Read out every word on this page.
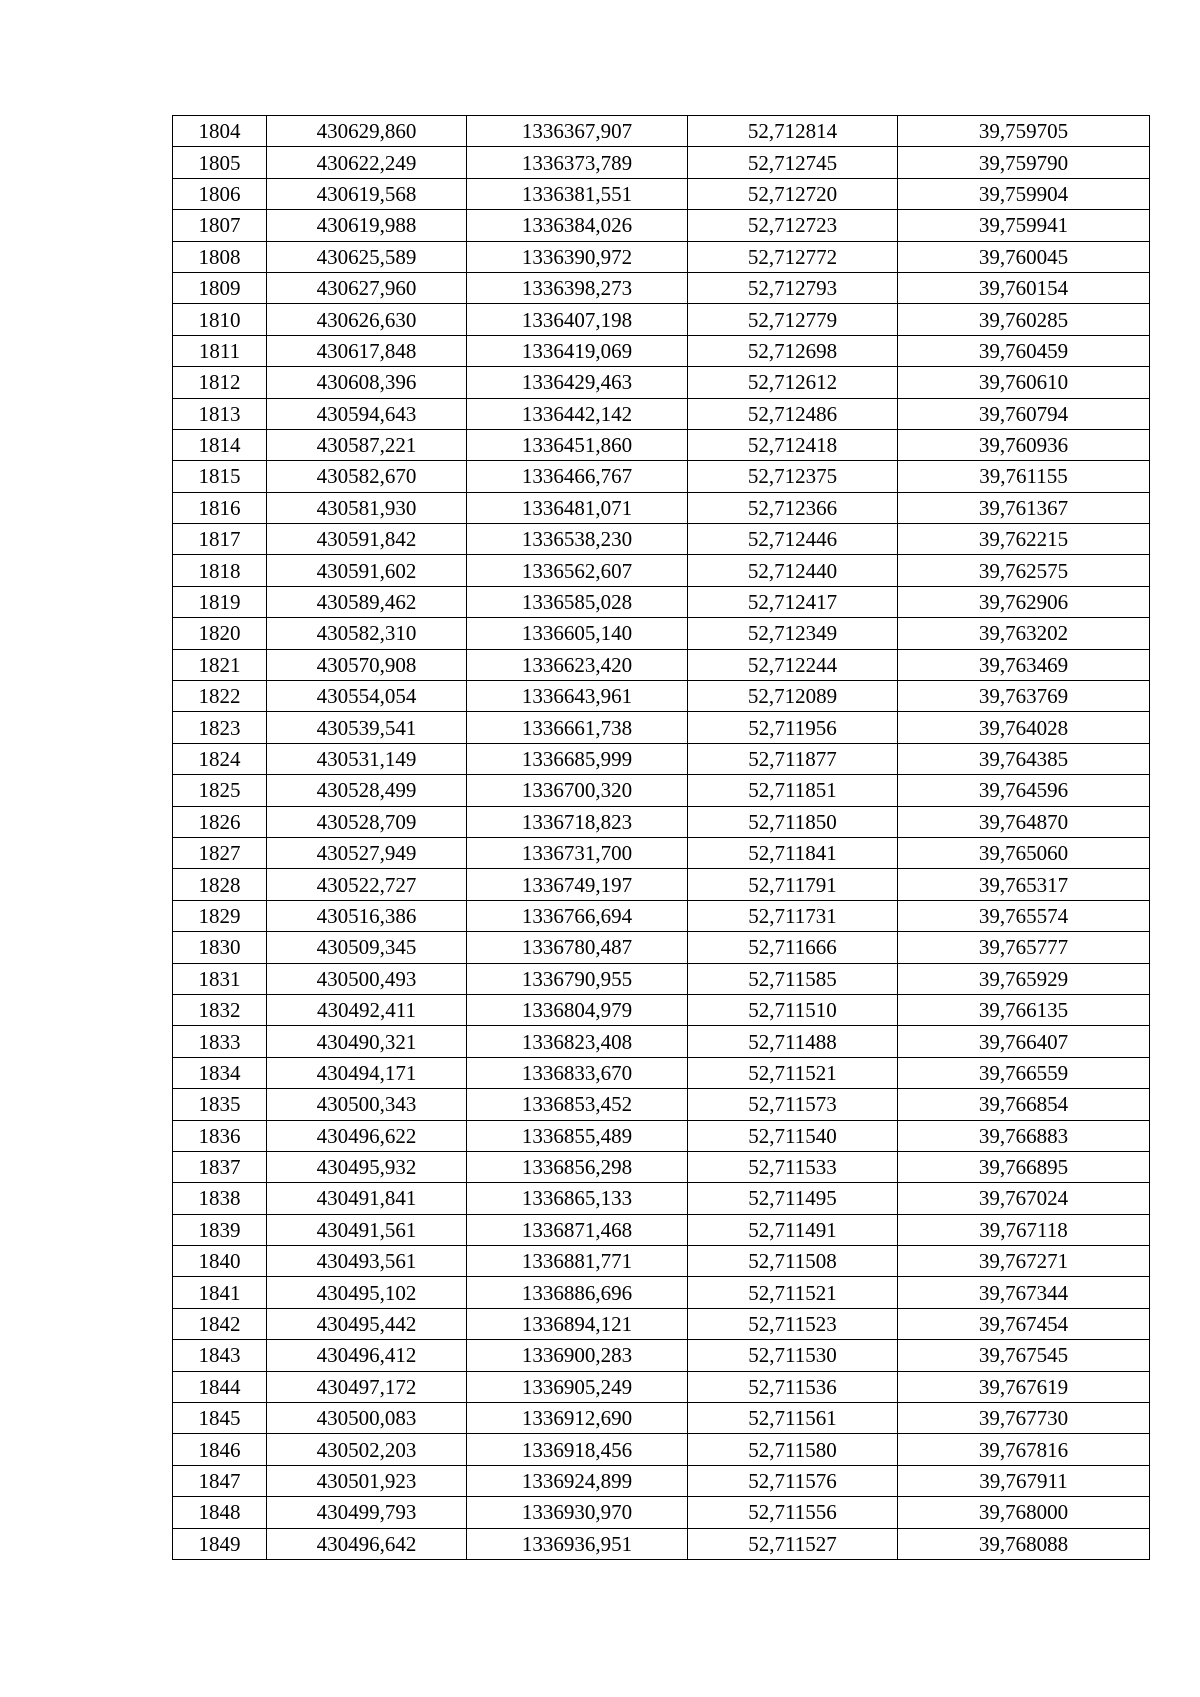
1804	430629,860	1336367,907	52,712814	39,759705
1805	430622,249	1336373,789	52,712745	39,759790
1806	430619,568	1336381,551	52,712720	39,759904
1807	430619,988	1336384,026	52,712723	39,759941
1808	430625,589	1336390,972	52,712772	39,760045
1809	430627,960	1336398,273	52,712793	39,760154
1810	430626,630	1336407,198	52,712779	39,760285
1811	430617,848	1336419,069	52,712698	39,760459
1812	430608,396	1336429,463	52,712612	39,760610
1813	430594,643	1336442,142	52,712486	39,760794
1814	430587,221	1336451,860	52,712418	39,760936
1815	430582,670	1336466,767	52,712375	39,761155
1816	430581,930	1336481,071	52,712366	39,761367
1817	430591,842	1336538,230	52,712446	39,762215
1818	430591,602	1336562,607	52,712440	39,762575
1819	430589,462	1336585,028	52,712417	39,762906
1820	430582,310	1336605,140	52,712349	39,763202
1821	430570,908	1336623,420	52,712244	39,763469
1822	430554,054	1336643,961	52,712089	39,763769
1823	430539,541	1336661,738	52,711956	39,764028
1824	430531,149	1336685,999	52,711877	39,764385
1825	430528,499	1336700,320	52,711851	39,764596
1826	430528,709	1336718,823	52,711850	39,764870
1827	430527,949	1336731,700	52,711841	39,765060
1828	430522,727	1336749,197	52,711791	39,765317
1829	430516,386	1336766,694	52,711731	39,765574
1830	430509,345	1336780,487	52,711666	39,765777
1831	430500,493	1336790,955	52,711585	39,765929
1832	430492,411	1336804,979	52,711510	39,766135
1833	430490,321	1336823,408	52,711488	39,766407
1834	430494,171	1336833,670	52,711521	39,766559
1835	430500,343	1336853,452	52,711573	39,766854
1836	430496,622	1336855,489	52,711540	39,766883
1837	430495,932	1336856,298	52,711533	39,766895
1838	430491,841	1336865,133	52,711495	39,767024
1839	430491,561	1336871,468	52,711491	39,767118
1840	430493,561	1336881,771	52,711508	39,767271
1841	430495,102	1336886,696	52,711521	39,767344
1842	430495,442	1336894,121	52,711523	39,767454
1843	430496,412	1336900,283	52,711530	39,767545
1844	430497,172	1336905,249	52,711536	39,767619
1845	430500,083	1336912,690	52,711561	39,767730
1846	430502,203	1336918,456	52,711580	39,767816
1847	430501,923	1336924,899	52,711576	39,767911
1848	430499,793	1336930,970	52,711556	39,768000
1849	430496,642	1336936,951	52,711527	39,768088
